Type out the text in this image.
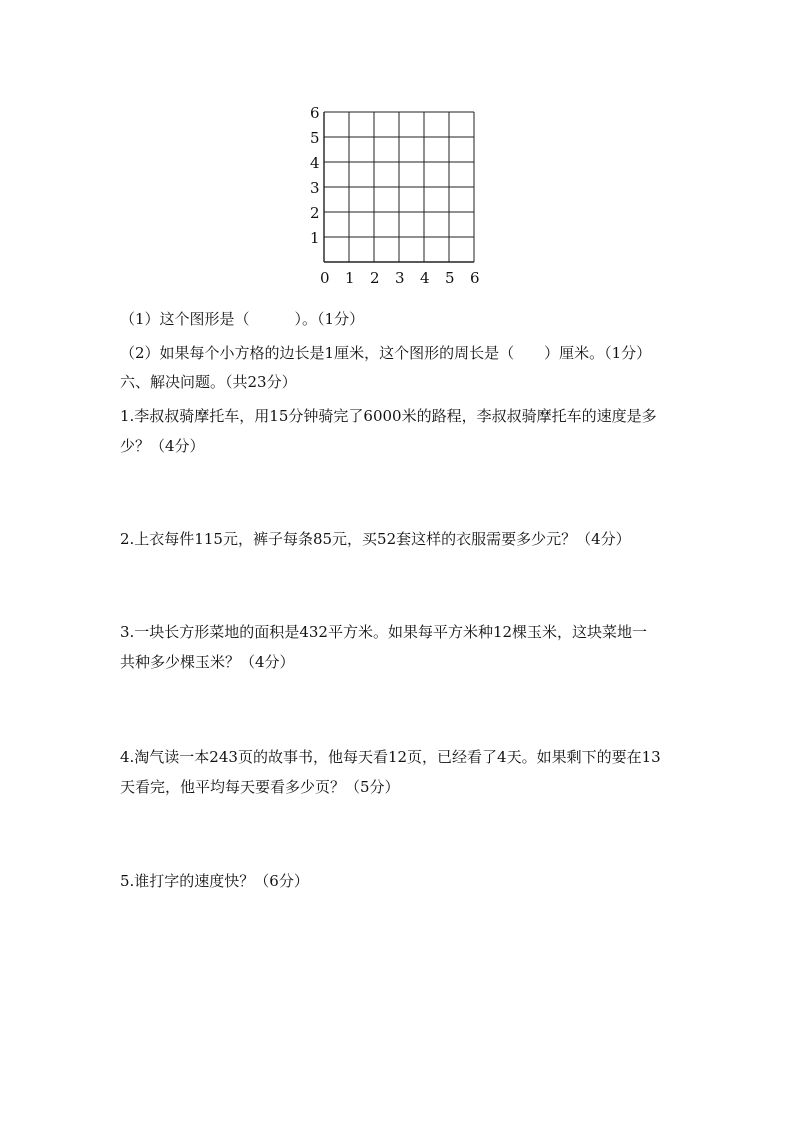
6
5
4
3
2
1
0 1 2 3 4 5 6
（1）这个图形是（　　　）。（1分）
（2）如果每个小方格的边长是1厘米，这个图形的周长是（　　）厘米。（1分）
六、解决问题。（共23分）
1.李叔叔骑摩托车，用15分钟骑完了6000米的路程，李叔叔骑摩托车的速度是多
少？（4分）
2.上衣每件115元，裤子每条85元，买52套这样的衣服需要多少元？（4分）
3.一块长方形菜地的面积是432平方米。如果每平方米种12棵玉米，这块菜地一
共种多少棵玉米？（4分）
4.淘气读一本243页的故事书，他每天看12页，已经看了4天。如果剩下的要在13
天看完，他平均每天要看多少页？（5分）
5.谁打字的速度快？（6分）
